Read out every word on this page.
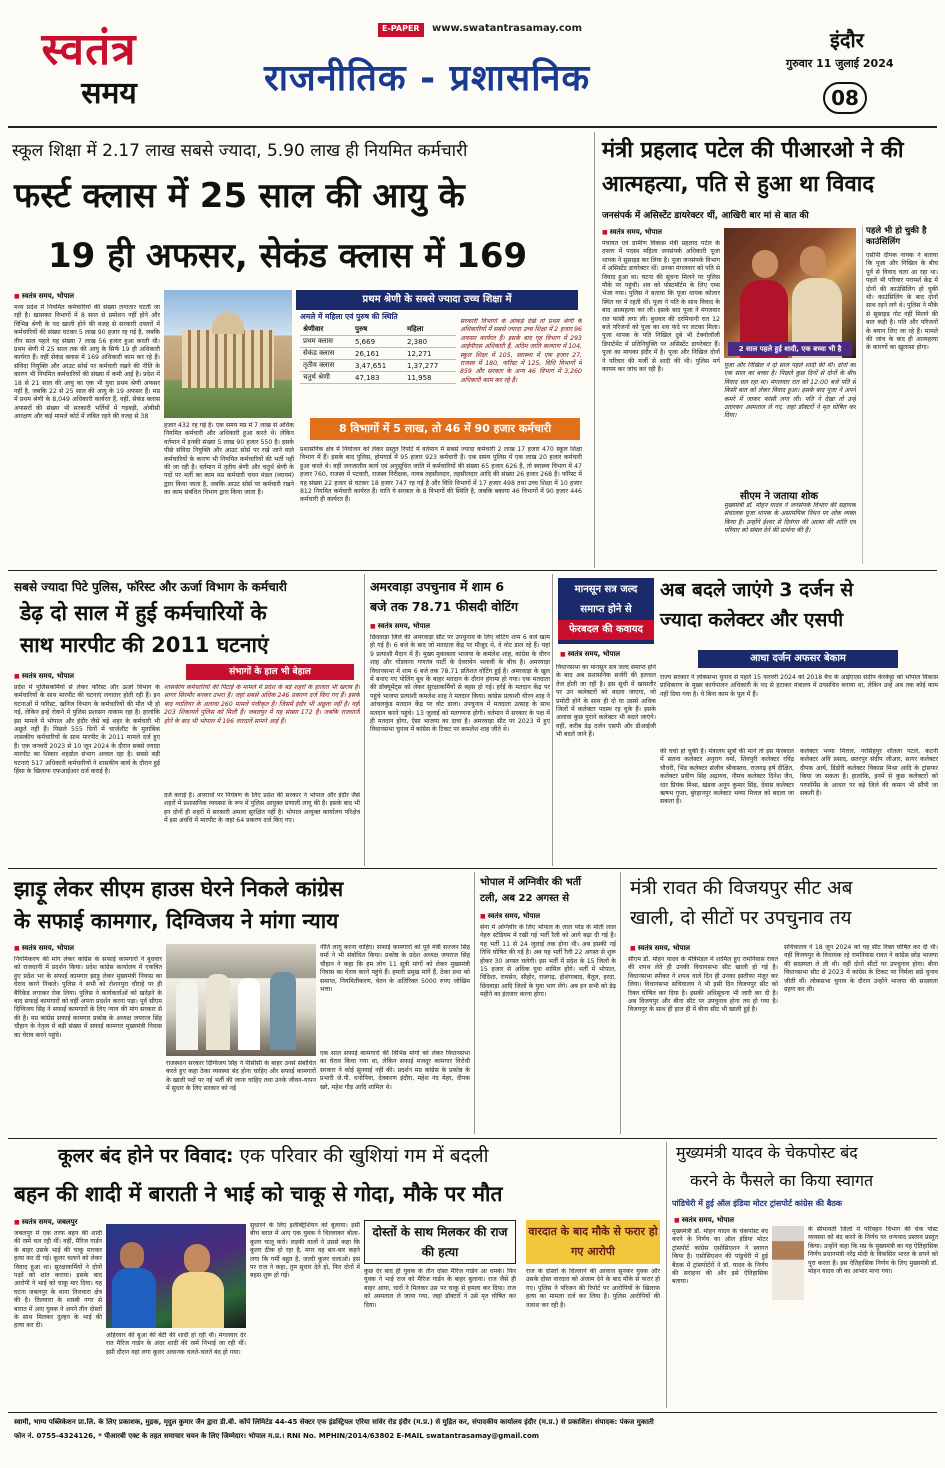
स्वतंत्र
समय
E-PAPER	www.swatantrasamay.com
राजनीतिक - प्रशासनिक
इंदौर
गुरुवार 11 जुलाई 2024
08
स्कूल शिक्षा में 2.17 लाख सबसे ज्यादा, 5.90 लाख ही नियमित कर्मचारी
फर्स्ट क्लास में 25 साल की आयु के
19 ही अफसर, सेकंड क्लास में 169
■ स्वतंत्र समय, भोपाल
मध्य प्रदेश में नियमित कर्मचारियों की संख्या लगातार घटती जा रही है। खासकर विभागों में 8 साल से प्रमोशन नहीं होने और विभिन्न श्रेणी के पद खाली होने की वजह से सरकारी दफ्तरों में कर्मचारियों की संख्या घटकर 5 लाख 90 हजार रह गई है, जबकि तीन साल पहले यह संख्या 7 लाख 56 हजार हुआ करती थी। प्रथम श्रेणी में 25 साल तक की आयु के सिर्फ 19 ही अधिकारी कार्यरत हैं। वहीं सेकंड क्लास में 169 अधिकारी काम कर रहे हैं। संविदा नियुक्ति और आउट सोर्स पर कर्मचारी रखने की नीति के कारण भी नियमित कर्मचारियों की संख्या में कमी आई है। प्रदेश में 18 से 21 साल की आयु का एक भी युवा प्रथम श्रेणी अफसर नहीं है, जबकि 22 से 25 साल की आयु के 19 अफसर हैं। मप्र में प्रथम श्रेणी के 8,049 अधिकारी कार्यरत हैं, वहीं, सेकंड क्लास अफसरों की संख्या भी सरकारी भर्तियों में गड़बड़ी, ओबीसी आरक्षण और कई मामले कोर्ट में लंबित रहने की वजह से 38
हजार 432 रह गई है। एक समय मप्र में 7 लाख से अधिक नियमित कर्मचारी और अधिकारी हुआ करते थे। लेकिन वर्तमान में इनकी संख्या 5 लाख 90 हजार 550 है। इसके पीछे संविदा नियुक्ति और आउट सोर्स पर रखे जाने वाले कर्मचारियों के कारण भी नियमित कर्मचारियों की भर्ती नहीं की जा रही है। वर्तमान में तृतीय श्रेणी और चतुर्थ श्रेणी के पदों पर भर्ती का काम मप्र कर्मचारी चयन मंडल (व्यापमं) द्वारा किया जाता है, जबकि आउट सोर्स पर कर्मचारी रखने का काम संबंधित विभाग द्वारा किया जाता है।
प्रथम श्रेणी के सबसे ज्यादा उच्च शिक्षा में
अमले में महिला एवं पुरुष की स्थिति
श्रेणीवार	पुरुष	महिला
प्रथम क्लास	5,669	2,380
सेकंड क्लास	26,161	12,271
तृतीय क्लास	3,47,651	1,37,277
चतुर्थ श्रेणी	47,183	11,958
सरकारी विभागों के आंकड़े देखें तो प्रथम श्रेणी के अधिकारियों में सबसे ज्यादा उच्च शिक्षा में 2 हजार 96 अफसर कार्यरत हैं। इसके बाद गृह विभाग में 293 आईपीएस अधिकारी हैं, अदिम जाति कल्याण में 104, स्कूल शिक्षा में 105, स्वास्थ्य में एक हजार 27, राजस्व में 180, फॉरेस्ट में 125, विधि विभागों में 859 और सरकार के अन्य 46 विभाग में 3,260 अधिकारी काम कर रहे हैं।
8 विभागों में 5 लाख, तो 46 में 90 हजार कर्मचारी
प्रशासनिक क्षेत्र में नियोजन को लेकर प्रस्तुत रिपोर्ट में वर्तमान में सबसे ज्यादा कर्मचारी 2 लाख 17 हजार 470 स्कूल शिक्षा विभाग में हैं। इसके बाद पुलिस, होमगार्ड में 95 हजार 923 कर्मचारी हैं। एक समय पुलिस में एक लाख 20 हजार कर्मचारी हुआ करते थे। वहीं जनजातीय कार्य एवं अनुसूचित जाति में कर्मचारियों की संख्या 65 हजार 626 है, तो स्वास्थ्य विभाग में 47 हजार 760, राजस्व में पटवारी, राजस्व निरीक्षक, नायब तहसीलदार, तहसीलदार आदि की संख्या 26 हजार 268 है। फॉरेस्ट में यह संख्या 22 हजार से घटकर 18 हजार 747 रह गई है और विधि विभागों में 17 हजार 498 तथा उच्च शिक्षा में 10 हजार 812 नियमित कर्मचारी कार्यरत हैं। यानि ये सरकार के 8 विभागों की स्थिति है, जबकि बकाया 46 विभागों में 90 हजार 446 कर्मचारी ही कार्यरत हैं।
मंत्री प्रहलाद पटेल की पीआरओ ने की
आत्महत्या, पति से हुआ था विवाद
जनसंपर्क में असिस्टेंट डायरेक्टर थीं, आखिरी बार मां से बात की
■ स्वतंत्र समय, भोपाल
पंचायत एवं ग्रामीण विकास मंत्री प्रहलाद पटेल के दफ्तर में पदस्थ महिला जनसंपर्क अधिकारी पूजा थापक ने सुसाइड कर लिया है। पूजा जनसंपर्क विभाग में असिस्टेंट डायरेक्टर थीं। उनका मंगलवार को पति से विवाद हुआ था। घटना की सूचना मिलने पर पुलिस मौके पर पहुंची। शव को पोस्टमॉर्टम के लिए एम्स भेजा गया। पुलिस ने बताया कि पूजा थापक कोलार स्थित घर में रहती थीं। पूजा ने पति के साथ विवाद के बाद आत्महत्या कर ली। इसके बाद पूजा ने मंगलवार रात फांसी लगा ली। बुधवार की दरमियानी रात 12 बजे परिजनों को पूजा का शव फंदे पर लटका मिला। पूजा थापक के पति निखिल दुबे भी टेक्नोलॉजी डिपार्टमेंट में प्रतिनियुक्ति पर असिस्टेंट डायरेक्टर हैं। पूजा का मायका इंदौर में है। पूजा और निखिल दोनों ने परिवार की मर्जी से शादी की थी। पुलिस मर्ग कायम कर जांच कर रही है।
2 साल पहले हुई शादी, एक बच्चा भी है
पूजा और निखिल ने दो साल पहले शादी की थी। दोनों का एक साल का बच्चा है। पिछले कुछ दिनों से दोनों के बीच विवाद चल रहा था। मंगलवार रात को 12:00 बजे पति से किसी बात को लेकर विवाद हुआ। इसके बाद पूजा ने अपने कमरे में जाकर फांसी लगा ली। पति ने देखा तो उन्हें उतारकर अस्पताल ले गए, जहां डॉक्टरों ने मृत घोषित कर दिया।
सीएम ने जताया शोक
मुख्यमंत्री डॉ. मोहन यादव ने जनसंपर्क विभाग की सहायक संचालक पूजा थापक के असामयिक निधन पर शोक व्यक्त किया है। उन्होंने ईश्वर से दिवंगत की आत्मा की शांति एवं परिवार को संबल देने की प्रार्थना की है।
पहले भी हो चुकी है काउंसिलिंग
एसीपी दीपक नायक ने बताया कि पूजा और निखिल के बीच पूर्व से विवाद चला आ रहा था। पहले भी परिवार परामर्श केंद्र में दोनों की काउंसिलिंग हो चुकी थी। काउंसिलिंग के बाद दोनों साथ रहने लगे थे। पुलिस ने मौके से सुसाइड नोट नहीं मिलने की बात कही है। पति और परिजनों के बयान लिए जा रहे हैं। मामले की जांच के बाद ही आत्महत्या के कारणों का खुलासा होगा।
सबसे ज्यादा पिटे पुलिस, फॉरेस्ट और ऊर्जा विभाग के कर्मचारी
डेढ़ दो साल में हुई कर्मचारियों के
साथ मारपीट की 2011 घटनाएं
■ स्वतंत्र समय, भोपाल
प्रदेश में पुलिसकर्मियों से लेकर फॉरेस्ट और ऊर्जा विभाग के कर्मचारियों के साथ मारपीट की घटनाएं लगातार होती रही हैं। इन घटनाओं में फॉरेस्ट, खनिज विभाग के कर्मचारियों की मौत भी हो गई, लेकिन इन्हें रोकने में पुलिस प्रशासन नाकाम रहा है। हालांकि इस मामले में भोपाल और इंदौर जैसे बड़े शहर के कर्मचारी भी अछूते नहीं हैं। पिछले 555 दिनों में चार्जशीट के मुताबिक शासकीय कर्मचारियों के साथ मारपीट के 2011 मामले दर्ज हुए हैं। एक जनवरी 2023 से 10 जून 2024 के दौरान सबसे ज्यादा मारपीट का शिकार शहडोल संभाग अव्वल रहा है। सबसे बड़ी घटनाएं 517 अधिकारी कर्मचारियों ने शासकीय कार्य के दौरान हुई हिंसा के खिलाफ एफआईआर दर्ज कराई है।
संभागों के हाल भी बेहाल
शासकीय कर्मचारियों की पिटाई के मामले में प्रदेश के बड़े शहरों के हालात भी खराब हैं। सागर सिरमौर बनकर उभरा है। जहां सबसे अधिक 246 प्रकरण दर्ज किए गए हैं। इसके बाद ग्वालियर के अलावा 260 मामले पंजीकृत हैं। जिसमें इंदौर भी अछूता नहीं है। वहीं 203 शिकायतें पुलिस को मिली हैं। जबलपुर में यह संख्या 172 है। जबकि राजधानी होने के बाद भी भोपाल में 196 वारदातें सामने आई हैं।
दर्ज कराई है। अपराधों पर नियंत्रण के लिए प्रदेश की सरकार ने भोपाल और इंदौर जैसे शहरों में प्रशासनिक व्यवस्था के रूप में पुलिस आयुक्त प्रणाली लागू की है। इसके बाद भी इन दोनों ही शहरों में सरकारी अमला सुरक्षित नहीं है। भोपाल आयुक्त कार्यालय परिक्षेत्र में इस अवधि में मारपीट के जहां 64 प्रकरण दर्ज किए गए।
अमरवाड़ा उपचुनाव में शाम 6
बजे तक 78.71 फीसदी वोटिंग
■ स्वतंत्र समय, भोपाल
छिंदवाड़ा जिले की अमरवाड़ा सीट पर उपचुनाव के लिए वोटिंग शाम 6 बजे खत्म हो गई है। 6 बजे के बाद जो मतदाता केंद्र पर मौजूद थे, वे वोट डाल रहे हैं। यहां 9 प्रत्याशी मैदान में हैं। मुख्य मुकाबला भाजपा के कमलेश शाह, कांग्रेस के धीरन शाह और गोंडवाना गणतंत्र पार्टी के देवरावेन भलावी के बीच है। अमरवाड़ा विधानसभा में शाम 6 बजे तक 78.71 प्रतिशत वोटिंग हुई है। अमरवाड़ा के खुल में बनाए गए पोलिंग बूथ के बाहर मतदान के दौरान हंगामा हो गया। एक मतदाता की डॉक्यूमेंट्स को लेकर सुरक्षाकर्मियों से बहस हो गई। हर्रई के मतदान केंद्र पर पहुंचे भाजपा प्रत्याशी कमलेश शाह ने मतदान किया। कांग्रेस प्रत्याशी धीरन शाह ने आंचलकुंड मतदान केंद्र पर वोट डाला। उपचुनाव में मतदाता उत्साह के साथ मतदान करने पहुंचे। 13 जुलाई को मतगणना होगी। वर्तमान में सरकार के पक्ष में ही मतदान होगा, ऐसा भाजपा का दावा है। अमरवाड़ा सीट पर 2023 में हुए विधानसभा चुनाव में कांग्रेस के टिकट पर कमलेश शाह जीते थे।
मानसून सत्र जल्द
समाप्त होने से
फेरबदल की कवायद
अब बदले जाएंगे 3 दर्जन से
ज्यादा कलेक्टर और एसपी
आधा दर्जन अफसर बेकाम
■ स्वतंत्र समय, भोपाल
राज्य सरकार ने लोकसभा चुनाव से पहले 15 फरवरी 2024 को 2018 बैच के आईएएस संदीप केरकेट्टा को भोपाल विकास प्राधिकरण के मुख्य कार्यपालन अधिकारी के पद से हटाकर मंत्रालय में उपसचिव बनाया था, लेकिन उन्हें अब तक कोई काम नहीं दिया गया है। ये बिना काम के पूल में हैं।
विधानसभा का मानसून सत्र जल्द समाप्त होने के बाद अब प्रशासनिक सर्जरी की हलचल तेज होती जा रही है। इस सूची में खासतौर पर उन कलेक्टरों को बदला जाएगा, जो प्रमोटी होने के साथ ही दो या उससे अधिक जिलों में कलेक्टर पदस्थ रह चुके हैं। इसके अलावा कुछ पुराने कलेक्टर भी बदले जाएंगे। वहीं, करीब डेढ़ दर्जन एसपी और डीआईजी भी बदले जाने हैं।
की चर्चा हो चुकी है। मंत्रालय सूत्रों की मानें तो इस फेरबदल में सतना कलेक्टर अनुराग वर्मा, शिवपुरी कलेक्टर रविंद्र चौधरी, भिंड कलेक्टर संजीव श्रीवास्तव, राजगढ़ हर्ष दीक्षित, कलेक्टर प्रवीण सिंह अढ़ायच, नीमच कलेक्टर दिनेश जैन, धार प्रियंक मिश्रा, खंडवा अनूप कुमार सिंह, देवास कलेक्टर ऋषभ गुप्ता, बुरहानपुर कलेक्टर भव्या मित्तल को बदला जा सकता है।
कलेक्टर भव्या मित्तल, नरसिंहपुर शीतला पटले, कटनी कलेक्टर अवि प्रसाद, छतरपुर संदीप जीआर, सागर कलेक्टर दीपक आर्य, डिंडोरी कलेक्टर विकास मिश्रा आदि के ट्रांसफर किया जा सकता है। हालांकि, इनमें से कुछ कलेक्टरों को परफॉर्मेंस के आधार पर बड़े जिले की कमान भी सौंपी जा सकती है।
झाड़ू लेकर सीएम हाउस घेरने निकले कांग्रेस
के सफाई कामगार, दिग्विजय ने मांगा न्याय
■ स्वतंत्र समय, भोपाल
निगमिकरण की मांग लेकर कांग्रेस के सफाई कामगारों ने बुधवार को राजधानी में प्रदर्शन किया। प्रदेश कांग्रेस कार्यालय में एकत्रित हुए प्रदेश भर के सफाई कामगार झाड़ू लेकर मुख्यमंत्री निवास का घेराव करने निकले। पुलिस ने सभी को रोशनपुरा चौराहे पर ही बैरिकेड लगाकर रोक लिया। पुलिस ने कार्यकर्ताओं को खदेड़ने के बाद सफाई कामगारों को वहीं अपना प्रदर्शन करना पड़ा। पूर्व सीएम दिग्विजय सिंह ने सफाई कामगारों के लिए न्याय की मांग सरकार से की है। मप्र कांग्रेस सफाई कामगार प्रकोष्ठ के अध्यक्ष जयराज सिंह चौहान के नेतृत्व में बड़ी संख्या में सफाई कामगार मुख्यमंत्री निवास का घेराव करने पहुंचे।
नीति लागू करना चाहिए। सफाई कामगारों को पूर्व मंत्री सज्जन सिंह वर्मा ने भी संबोधित किया। प्रकोष्ठ के प्रदेश अध्यक्ष जयराज सिंह चौहान ने कहा कि हम लोग 11 सूत्री मांगों को लेकर मुख्यमंत्री निवास का घेराव करने पहुंचे हैं। हमारी प्रमुख मांगें हैं, ठेका प्रथा को समाप्त, नियमितीकरण, वेतन के अतिरिक्त 5000 रुपए जोखिम भत्ता।
राजस्थान सरकार दिग्विजय सिंह ने पीसीसी के बाहर उनसे संबोधित करते हुए कहा ठेका व्यवस्था बंद होना चाहिए और सफाई कामगारों के खाली पदों पर नई भर्ती की जाना चाहिए तथा उनके जीवन-यापन में सुधार के लिए सरकार को नई
एक साल सफाई कामगारों की विभिन्न मांगों को लेकर विधानसभा का घेराव किया गया था, लेकिन सफाई मजदूर कामगार विरोधी सरकार ने कोई सुनवाई नहीं की। प्रदर्शन मप्र कांग्रेस के प्रकोष्ठ के प्रभारी जे.पी. धनोपिया, देवकरण इंदौरा, महेश नंद मेहर, दीपक खरे, महेश गौड़ आदि शामिल थे।
भोपाल में अग्निवीर की भर्ती
टली, अब 22 अगस्त से
■ स्वतंत्र समय, भोपाल
सेना में अग्निवीर के लिए भोपाल के लाल परेड के मोती लाल नेहरु स्टेडियम में रखी गई भर्ती रैली को आगे बढ़ा दी गई है। यह भर्ती 11 से 24 जुलाई तक होना थी। अब इसकी नई तिथि घोषित की गई है। अब यह भर्ती रैली 22 अगस्त से शुरू होकर 30 अगस्त चलेगी। इस भर्ती में प्रदेश के 15 जिलों के 15 हजार से अधिक युवा शामिल होंगे। भर्ती में भोपाल, विदिशा, रायसेन, सीहोर, राजगढ़, होशंगाबाद, बैतूल, हरदा, छिंदवाड़ा आदि जिलों के युवा भाग लेंगे। अब इन सभी को डेढ़ महीने का इंतजार करना होगा।
मंत्री रावत की विजयपुर सीट अब
खाली, दो सीटों पर उपचुनाव तय
■ स्वतंत्र समय, भोपाल
सीएम डॉ. मोहन यादव के मंत्रिमंडल में शामिल हुए रामनिवास रावत की शपथ लेते ही उनकी विधानसभा सीट खाली हो गई है। विधानसभा स्पीकर ने शपथ वाले दिन ही उनका इस्तीफा मंजूर कर लिया। विधानसभा सचिवालय ने भी इसी दिन विजयपुर सीट को रिक्त घोषित कर दिया है। इसकी अधिसूचना भी जारी कर दी है। अब विजयपुर और बीना सीट पर उपचुनाव होना तय हो गया है। विजयपुर के साथ ही हाल ही में बीना सीट भी खाली हुई है।
सचिवालय ने 18 जून 2024 को यह सीट रिक्त घोषित कर दी थी। वहीं विजयपुर के विधायक रहे रामनिवास रावत ने कांग्रेस छोड़ भाजपा की सदस्यता ले ली थी। वहीं दोनों सीटों पर उपचुनाव होगा। बीना विधानसभा सीट से 2023 में कांग्रेस के टिकट पर निर्मला सप्रे चुनाव जीती थीं। लोकसभा चुनाव के दौरान उन्होंने भाजपा की सदस्यता ग्रहण कर ली।
कूलर बंद होने पर विवाद: एक परिवार की खुशियां गम में बदली
बहन की शादी में बाराती ने भाई को चाकू से गोदा, मौके पर मौत
■ स्वतंत्र समय, जबलपुर
जबलपुर में एक तरफ बहन की शादी की रस्में चल रही थीं। वहीं, मैरिज गार्डन के बाहर उसके भाई की चाकू मारकर हत्या कर दी गई। कूलर चलाने को लेकर विवाद हुआ था। सुरक्षाकर्मियों ने दोनों पक्षों को शांत कराया। इसके बाद आरोपी ने भाई को चाकू मार दिया। यह घटना जबलपुर के थाना तिलवारा क्षेत्र की है। तिलवारा के शास्त्री नगर से बारात में आए युवक ने अपने तीन दोस्तों के साथ मिलकर दुल्हन के भाई की हत्या कर दी।
अहिरवार की बुआ की बेटी की शादी हो रही थी। मंगलवार देर रात मैरिज गार्डन के अंदर शादी की रस्में निभाई जा रही थीं। इसी दौरान वहां लगा कूलर अचानक चलते-चलते बंद हो गया।
सुधारने के लिए इलेक्ट्रिशियन को बुलाया। इसी बीच बरात में आए एक युवक ने चिल्लाकर बोला- कूलर चालू करो। लड़की वालों ने उससे कहा कि कूलर ठीक हो रहा है, मगर वह बार-बार कहने लगा कि गर्मी बहुत है, जल्दी कूलर चलाओ। इस पर राज ने कहा, तुम सुधार देते हो, फिर दोनों में बहस शुरू हो गई।
दोस्तों के साथ मिलकर की राज की हत्या
कुछ देर बाद ही युवक के तीन दोस्त मैरिज गार्डन आ धमके। फिर युवक ने भाई राज को मैरिज गार्डन के बाहर बुलाया। राज जैसे ही बाहर आया, चारों ने मिलकर उस पर चाकू से हमला कर दिया। राज को अस्पताल ले जाया गया, जहां डॉक्टरों ने उसे मृत घोषित कर दिया।
वारदात के बाद मौके से फरार हो गए आरोपी
राज के दोस्तों के चिल्लाने की आवाज सुनकर युवक और उसके दोस्त वारदात को अंजाम देने के बाद मौके से फरार हो गए। पुलिस ने परिजन की रिपोर्ट पर आरोपियों के खिलाफ हत्या का मामला दर्ज कर लिया है। पुलिस आरोपियों की तलाश कर रही है।
मुख्यमंत्री यादव के चेकपोस्ट बंद
करने के फैसले का किया स्वागत
पांडिचेरी में हुई ऑल इंडिया मोटर ट्रांसपोर्ट कांग्रेस की बैठक
■ स्वतंत्र समय, भोपाल
मुख्यमंत्री डॉ. मोहन यादव के चेकपोस्ट बंद करने के निर्णय का ऑल इंडिया मोटर ट्रांसपोर्ट कांग्रेस एसोसिएशन ने स्वागत किया है। एसोसिएशन की पांडुचेरी में हुई बैठक में ट्रांसपोर्टरों ने डॉ. यादव के निर्णय की सराहना की और इसे ऐतिहासिक बताया।
के सीमावर्ती जिलों में परिवहन विभाग की चेक पोस्ट व्यवस्था को बंद करने के निर्णय पर धन्यवाद प्रस्ताव प्रस्तुत किया। उन्होंने कहा कि मप्र के मुख्यमंत्री का यह ऐतिहासिक निर्णय प्रधानमंत्री नरेंद्र मोदी के विकसित भारत के सपने को पूरा करता है। इस ऐतिहासिक निर्णय के लिए मुख्यमंत्री डॉ. मोहन यादव जी का आभार माना गया।
स्वामी, भाग्य पब्लिकेशन प्रा.लि. के लिए प्रकाशक, मुद्रक, मृदुल कुमार जैन द्वारा डी.बी. कॉर्प लिमिटेड 44-45 सेक्टर एफ इंडस्ट्रियल एरिया सांवेर रोड इंदौर (म.प्र.) से मुद्रित कर, संपादकीय कार्यालय इंदौर (म.प्र.) से प्रकाशित। संपादक: पंकज मुकाती
फोन नं. 0755-4324126, * पीआरबी एक्ट के तहत समाचार चयन के लिए जिम्मेदार। भोपाल म.प्र.। RNI No. MPHIN/2014/63802 E-MAIL swatantrasamay@gmail.com
